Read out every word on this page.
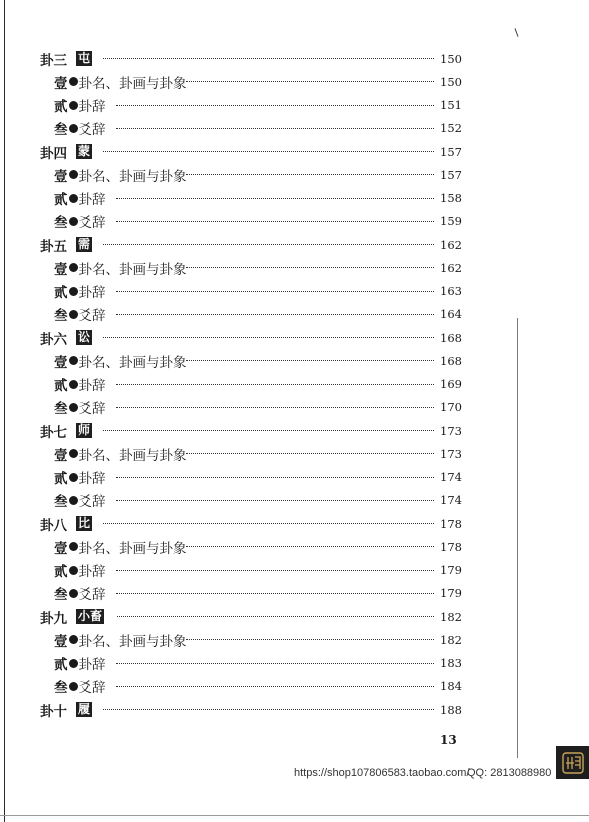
卦三 屯	150
壹 卦名、卦画与卦象	150
贰 卦辞	151
叁 爻辞	152
卦四 蒙	157
壹 卦名、卦画与卦象	157
贰 卦辞	158
叁 爻辞	159
卦五 需	162
壹 卦名、卦画与卦象	162
贰 卦辞	163
叁 爻辞	164
卦六 讼	168
壹 卦名、卦画与卦象	168
贰 卦辞	169
叁 爻辞	170
卦七 师	173
壹 卦名、卦画与卦象	173
贰 卦辞	174
叁 爻辞	174
卦八 比	178
壹 卦名、卦画与卦象	178
贰 卦辞	179
叁 爻辞	179
卦九 小畜	182
壹 卦名、卦画与卦象	182
贰 卦辞	183
叁 爻辞	184
卦十 履	188
13
https://shop107806583.taobao.com/
QQ: 2813088980
